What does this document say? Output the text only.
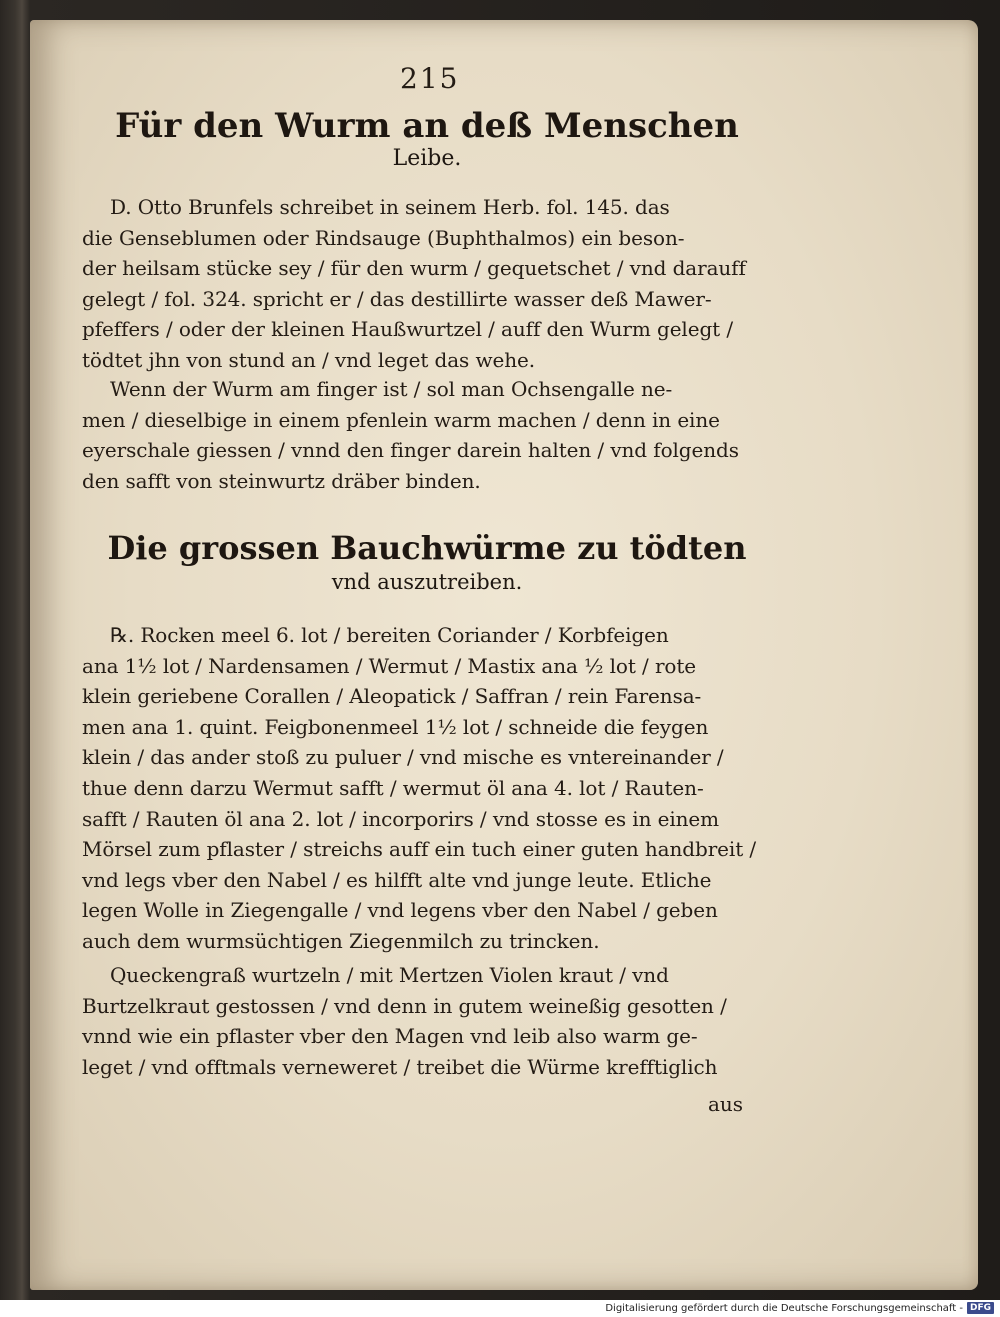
215
Für den Wurm an deß Menschen
Leibe.

D. Otto Brunfels schreibet in seinem Herb. fol. 145. das

die Genseblumen oder Rindsauge (Buphthalmos) ein beson-

der heilsam stücke sey / für den wurm / gequetschet / vnd darauff

gelegt / fol. 324. spricht er / das destillirte wasser deß Mawer-

pfeffers / oder der kleinen Haußwurtzel / auff den Wurm gelegt /

tödtet jhn von stund an / vnd leget das wehe.

Wenn der Wurm am finger ist / sol man Ochsengalle ne-

men / dieselbige in einem pfenlein warm machen / denn in eine

eyerschale giessen / vnnd den finger darein halten / vnd folgends

den safft von steinwurtz dräber binden.

Die grossen Bauchwürme zu tödten
vnd auszutreiben.

℞. Rocken meel 6. lot / bereiten Coriander / Korbfeigen

ana 1½ lot / Nardensamen / Wermut / Mastix ana ½ lot / rote

klein geriebene Corallen / Aleopatick / Saffran / rein Farensa-

men ana 1. quint. Feigbonenmeel 1½ lot / schneide die feygen

klein / das ander stoß zu puluer / vnd mische es vntereinander /

thue denn darzu Wermut safft / wermut öl ana 4. lot / Rauten-

safft / Rauten öl ana 2. lot / incorporirs / vnd stosse es in einem

Mörsel zum pflaster / streichs auff ein tuch einer guten handbreit /

vnd legs vber den Nabel / es hilfft alte vnd junge leute. Etliche

legen Wolle in Ziegengalle / vnd legens vber den Nabel / geben

auch dem wurmsüchtigen Ziegenmilch zu trincken.

Queckengraß wurtzeln / mit Mertzen Violen kraut / vnd

Burtzelkraut gestossen / vnd denn in gutem weineßig gesotten /

vnnd wie ein pflaster vber den Magen vnd leib also warm ge-

leget / vnd offtmals verneweret / treibet die Würme krefftiglich

aus
Digitalisierung gefördert durch die Deutsche Forschungsgemeinschaft - DFG
